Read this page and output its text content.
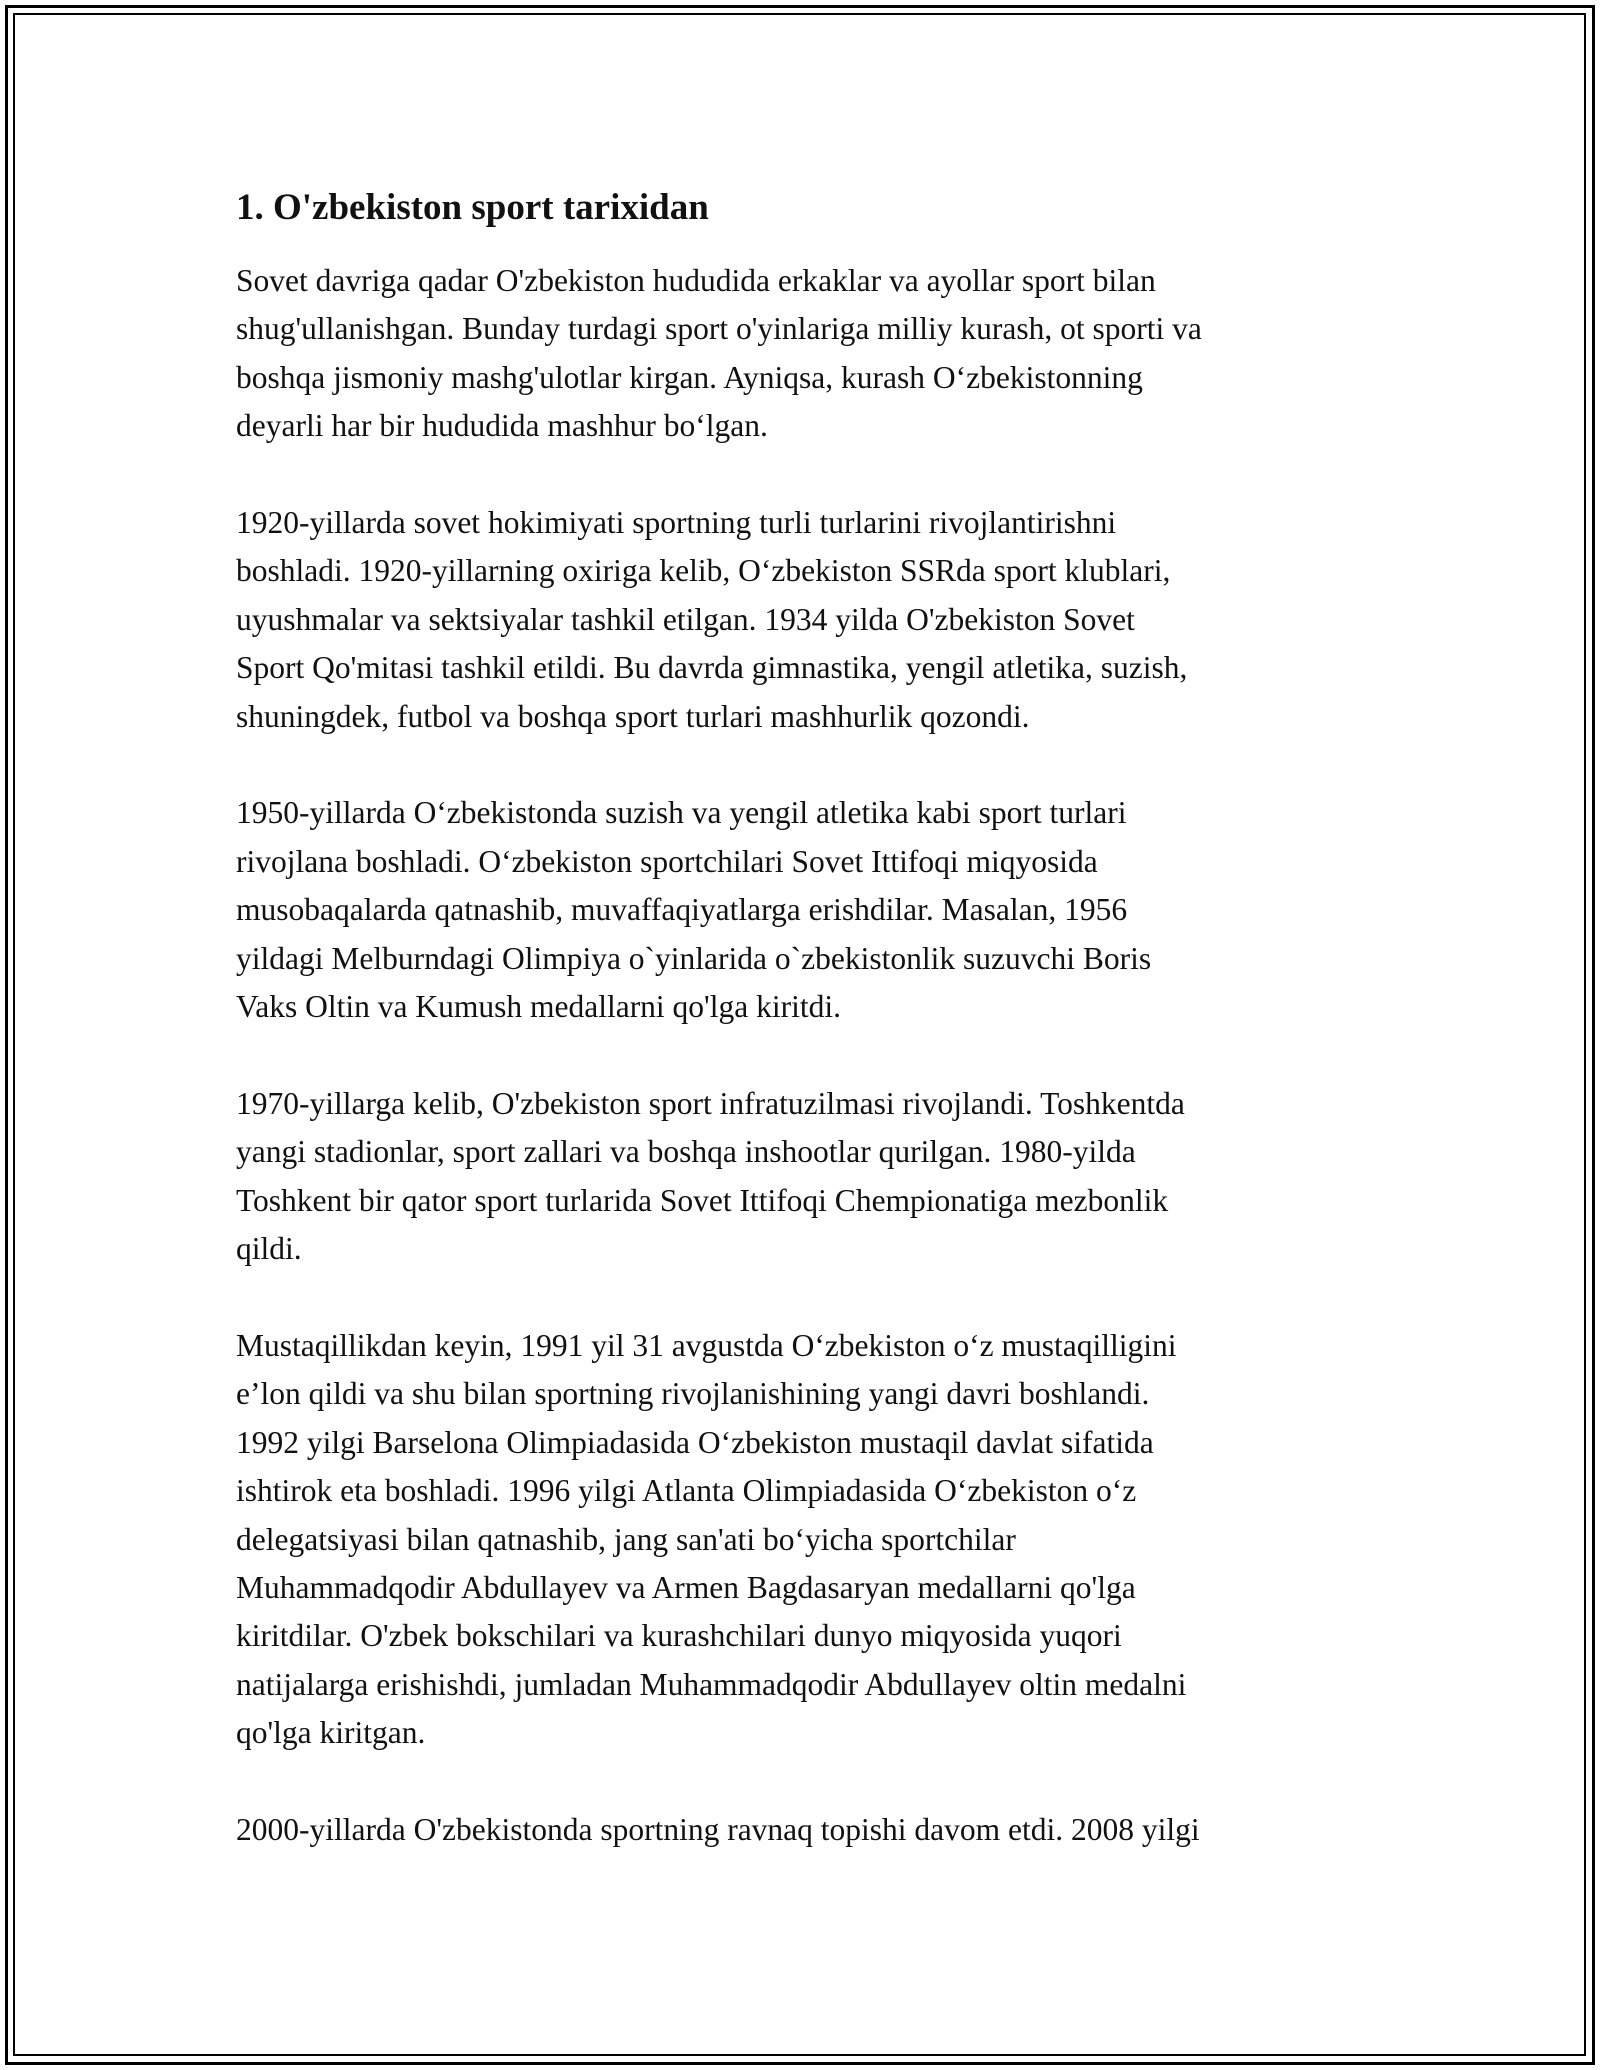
1. O'zbekiston sport tarixidan

Sovet davriga qadar O'zbekiston hududida erkaklar va ayollar sport bilan
shug'ullanishgan. Bunday turdagi sport o'yinlariga milliy kurash, ot sporti va
boshqa jismoniy mashg'ulotlar kirgan. Ayniqsa, kurash O‘zbekistonning
deyarli har bir hududida mashhur bo‘lgan.

1920-yillarda sovet hokimiyati sportning turli turlarini rivojlantirishni
boshladi. 1920-yillarning oxiriga kelib, O‘zbekiston SSRda sport klublari,
uyushmalar va sektsiyalar tashkil etilgan. 1934 yilda O'zbekiston Sovet
Sport Qo'mitasi tashkil etildi. Bu davrda gimnastika, yengil atletika, suzish,
shuningdek, futbol va boshqa sport turlari mashhurlik qozondi.

1950-yillarda O‘zbekistonda suzish va yengil atletika kabi sport turlari
rivojlana boshladi. O‘zbekiston sportchilari Sovet Ittifoqi miqyosida
musobaqalarda qatnashib, muvaffaqiyatlarga erishdilar. Masalan, 1956
yildagi Melburndagi Olimpiya o`yinlarida o`zbekistonlik suzuvchi Boris
Vaks Oltin va Kumush medallarni qo'lga kiritdi.

1970-yillarga kelib, O'zbekiston sport infratuzilmasi rivojlandi. Toshkentda
yangi stadionlar, sport zallari va boshqa inshootlar qurilgan. 1980-yilda
Toshkent bir qator sport turlarida Sovet Ittifoqi Chempionatiga mezbonlik
qildi.

Mustaqillikdan keyin, 1991 yil 31 avgustda O‘zbekiston o‘z mustaqilligini
e’lon qildi va shu bilan sportning rivojlanishining yangi davri boshlandi.
1992 yilgi Barselona Olimpiadasida O‘zbekiston mustaqil davlat sifatida
ishtirok eta boshladi. 1996 yilgi Atlanta Olimpiadasida O‘zbekiston o‘z
delegatsiyasi bilan qatnashib, jang san'ati bo‘yicha sportchilar
Muhammadqodir Abdullayev va Armen Bagdasaryan medallarni qo'lga
kiritdilar. O'zbek bokschilari va kurashchilari dunyo miqyosida yuqori
natijalarga erishishdi, jumladan Muhammadqodir Abdullayev oltin medalni
qo'lga kiritgan.

2000-yillarda O'zbekistonda sportning ravnaq topishi davom etdi. 2008 yilgi
